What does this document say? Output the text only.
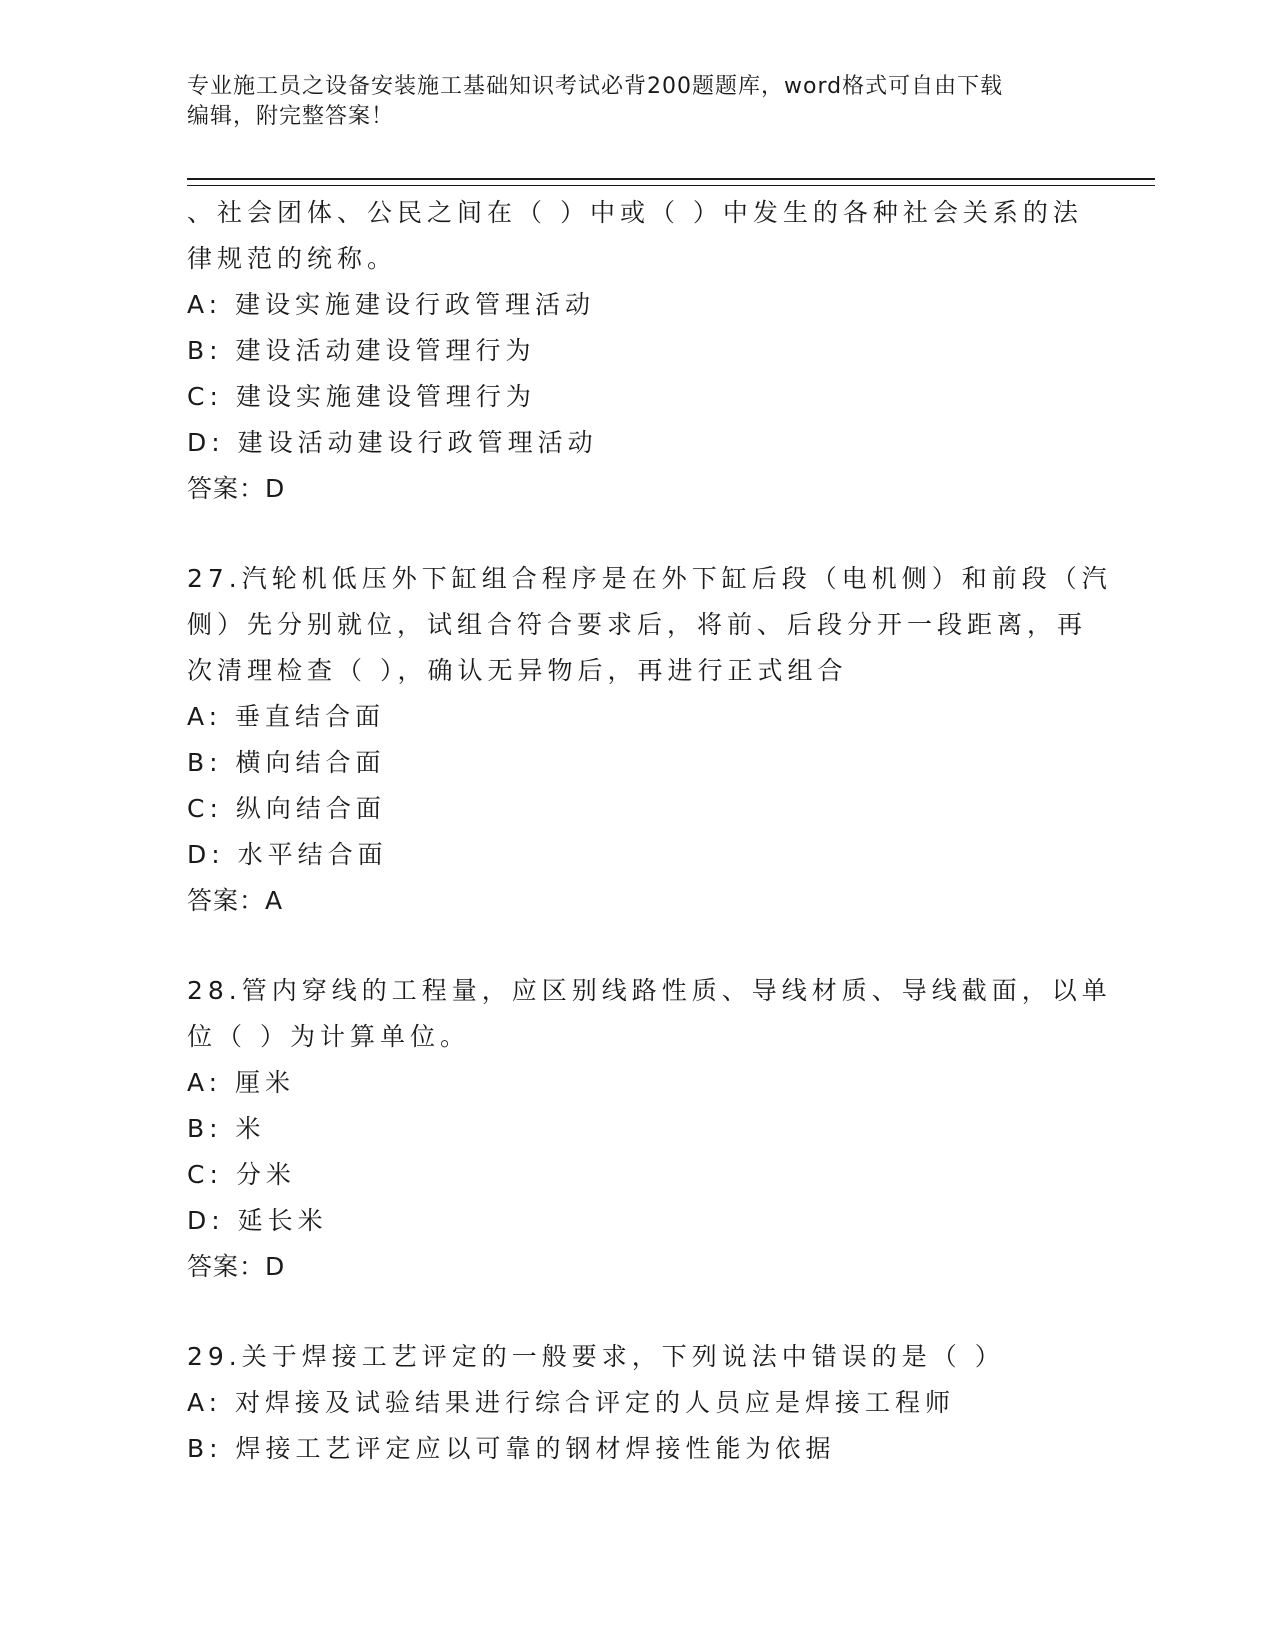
专业施工员之设备安装施工基础知识考试必背200题题库，word格式可自由下载
编辑，附完整答案！
、社会团体、公民之间在（ ）中或（ ）中发生的各种社会关系的法
律规范的统称。
A: 建设实施建设行政管理活动
B: 建设活动建设管理行为
C: 建设实施建设管理行为
D: 建设活动建设行政管理活动
答案：D
27.汽轮机低压外下缸组合程序是在外下缸后段（电机侧）和前段（汽
侧）先分别就位，试组合符合要求后，将前、后段分开一段距离，再
次清理检查（ ），确认无异物后，再进行正式组合
A: 垂直结合面
B: 横向结合面
C: 纵向结合面
D: 水平结合面
答案：A
28.管内穿线的工程量，应区别线路性质、导线材质、导线截面，以单
位（ ）为计算单位。
A: 厘米
B: 米
C: 分米
D: 延长米
答案：D
29.关于焊接工艺评定的一般要求，下列说法中错误的是（ ）
A: 对焊接及试验结果进行综合评定的人员应是焊接工程师
B: 焊接工艺评定应以可靠的钢材焊接性能为依据
